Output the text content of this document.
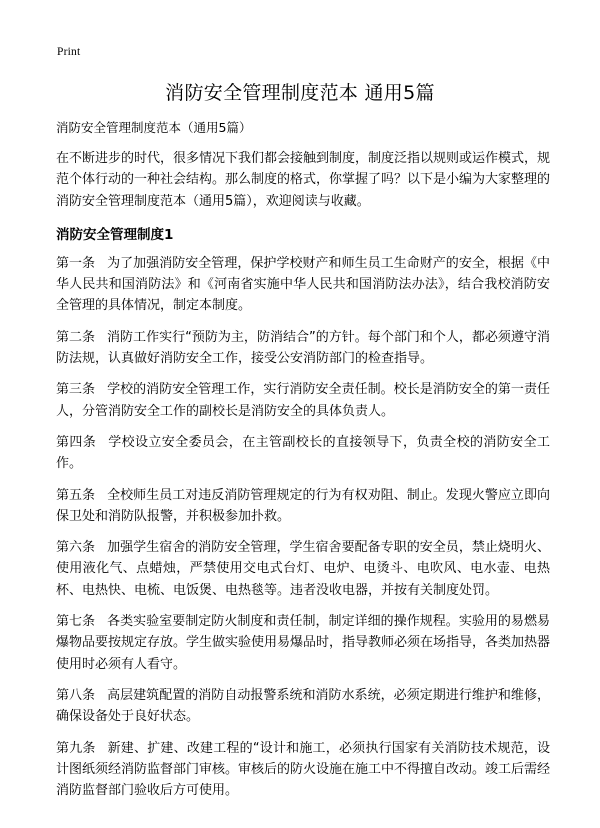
Print
消防安全管理制度范本 通用5篇
消防安全管理制度范本（通用5篇）

在不断进步的时代，很多情况下我们都会接触到制度，制度泛指以规则或运作模式，规范个体行动的一种社会结构。那么制度的格式，你掌握了吗？以下是小编为大家整理的消防安全管理制度范本（通用5篇），欢迎阅读与收藏。

消防安全管理制度1

第一条 为了加强消防安全管理，保护学校财产和师生员工生命财产的安全，根据《中华人民共和国消防法》和《河南省实施中华人民共和国消防法办法》，结合我校消防安全管理的具体情况，制定本制度。

第二条 消防工作实行“预防为主，防消结合”的方针。每个部门和个人，都必须遵守消防法规，认真做好消防安全工作，接受公安消防部门的检查指导。

第三条 学校的消防安全管理工作，实行消防安全责任制。校长是消防安全的第一责任人，分管消防安全工作的副校长是消防安全的具体负责人。

第四条 学校设立安全委员会，在主管副校长的直接领导下，负责全校的消防安全工作。

第五条 全校师生员工对违反消防管理规定的行为有权劝阻、制止。发现火警应立即向保卫处和消防队报警，并积极参加扑救。

第六条 加强学生宿舍的消防安全管理，学生宿舍要配备专职的安全员，禁止烧明火、使用液化气、点蜡烛，严禁使用交电式台灯、电炉、电烫斗、电吹风、电水壶、电热杯、电热快、电梳、电饭煲、电热毯等。违者没收电器，并按有关制度处罚。

第七条 各类实验室要制定防火制度和责任制，制定详细的操作规程。实验用的易燃易爆物品要按规定存放。学生做实验使用易爆品时，指导教师必须在场指导，各类加热器使用时必须有人看守。

第八条 高层建筑配置的消防自动报警系统和消防水系统，必须定期进行维护和维修，确保设备处于良好状态。

第九条 新建、扩建、改建工程的“设计和施工，必须执行国家有关消防技术规范，设计图纸须经消防监督部门审核。审核后的防火设施在施工中不得擅自改动。竣工后需经消防监督部门验收后方可使用。
